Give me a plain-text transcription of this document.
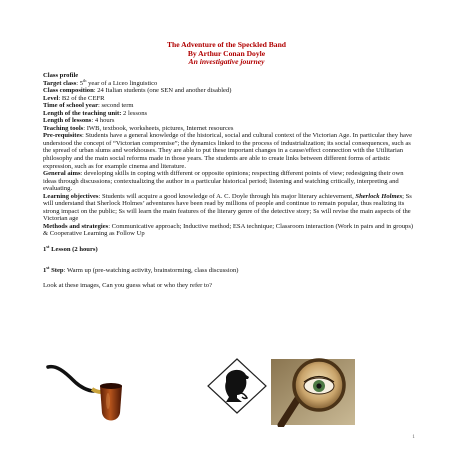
The Adventure of the Speckled Band
By Arthur Conan Doyle
An investigative journey

Class profile

Target class: 5th year of a Liceo linguistico

Class composition: 24 Italian students (one SEN and another disabled)

Level: B2 of the CEFR

Time of school year: second term

Length of the teaching unit: 2 lessons

Length of lessons: 4 hours

Teaching tools: IWB, textbook, worksheets, pictures, Internet resources

Pre-requisites: Students have a general knowledge of the historical, social and cultural context of the Victorian Age. In particular they have understood the concept of “Victorian compromise”; the dynamics linked to the process of industrialization; its social consequences, such as the spread of urban slums and workhouses. They are able to put these important changes in a cause/effect connection with the Utilitarian philosophy and the main social reforms made in those years. The students are able to create links between different forms of artistic expression, such as for example cinema and literature.

General aims: developing skills in coping with different or opposite opinions; respecting different points of view; redesigning their own ideas through discussions; contextualizing the author in a particular historical period; listening and watching critically, interpreting and evaluating.

Learning objectives: Students will acquire a good knowledge of A. C. Doyle through his major literary achievement, Sherlock Holmes; Ss will understand that Sherlock Holmes’ adventures have been read by millions of people and continue to remain popular, thus realizing its strong impact on the public; Ss will learn the main features of the literary genre of the detective story; Ss will revise the main aspects of the Victorian age

Methods and strategies: Communicative approach; Inductive method; ESA technique; Classroom interaction (Work in pairs and in groups) & Cooperative Learning as Follow Up

1st Lesson (2 hours)

1st Step: Warm up (pre-watching activity, brainstorming, class discussion)

Look at these images, Can you guess what or who they refer to?

1
